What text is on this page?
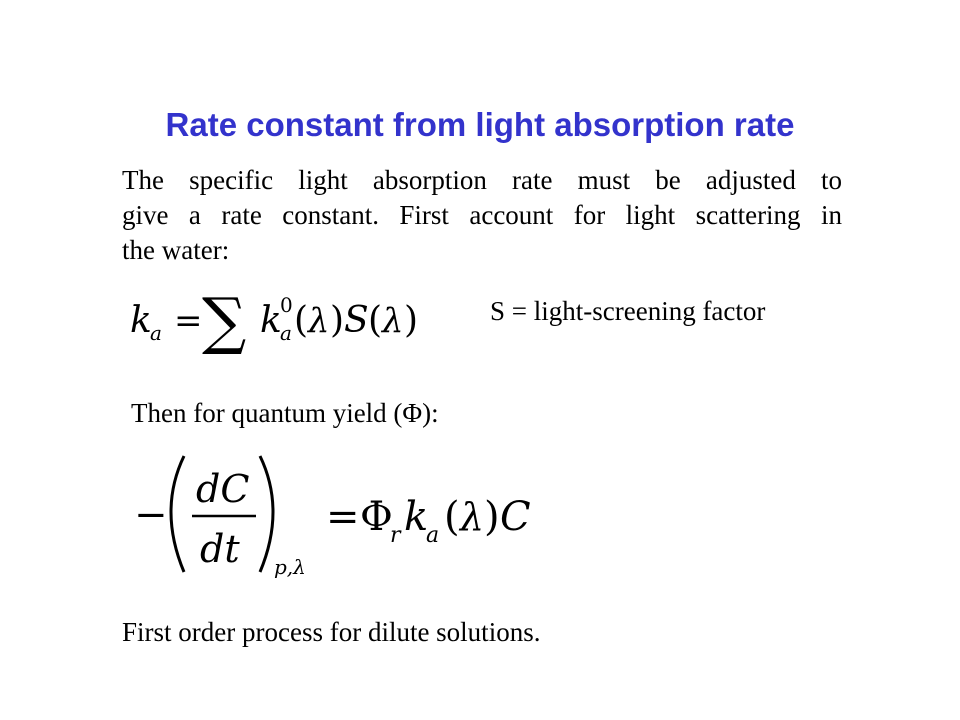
Rate constant from light absorption rate
The specific light absorption rate must be adjusted to
give a rate constant. First account for light scattering in
the water:
k
a = ∑ k
a
0 ( λ ) S ( λ )	S = light-screening factor
Then for quantum yield (Φ):
−
dC
dt p,λ
= Φ
r k
a ( λ ) C
First order process for dilute solutions.
